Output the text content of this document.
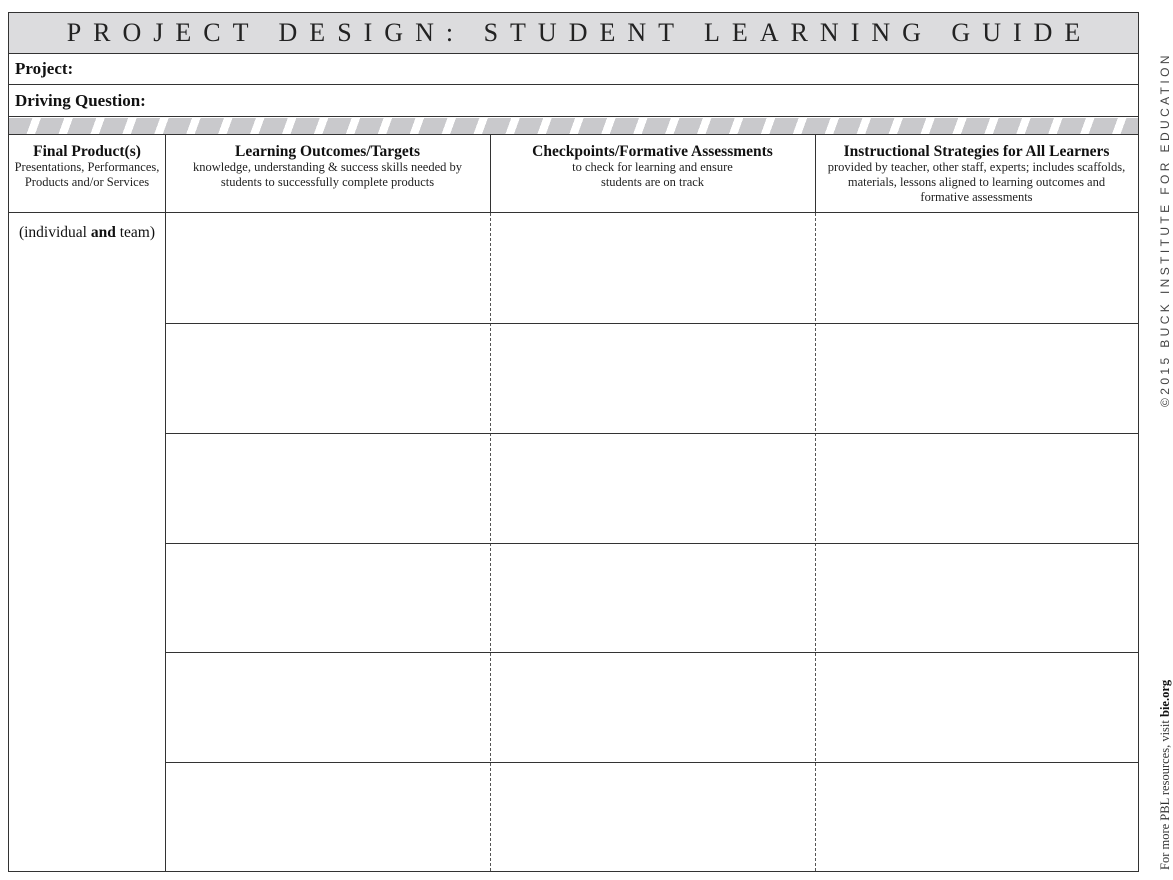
PROJECT DESIGN: STUDENT LEARNING GUIDE
Project:
Driving Question:
Final Product(s)
Presentations, Performances, Products and/or Services
Learning Outcomes/Targets
knowledge, understanding & success skills needed by students to successfully complete products
Checkpoints/Formative Assessments
to check for learning and ensure students are on track
Instructional Strategies for All Learners
provided by teacher, other staff, experts; includes scaffolds, materials, lessons aligned to learning outcomes and formative assessments
(individual and team)	©2015 BUCK INSTITUTE FOR EDUCATION
For more PBL resources, visit bie.org
